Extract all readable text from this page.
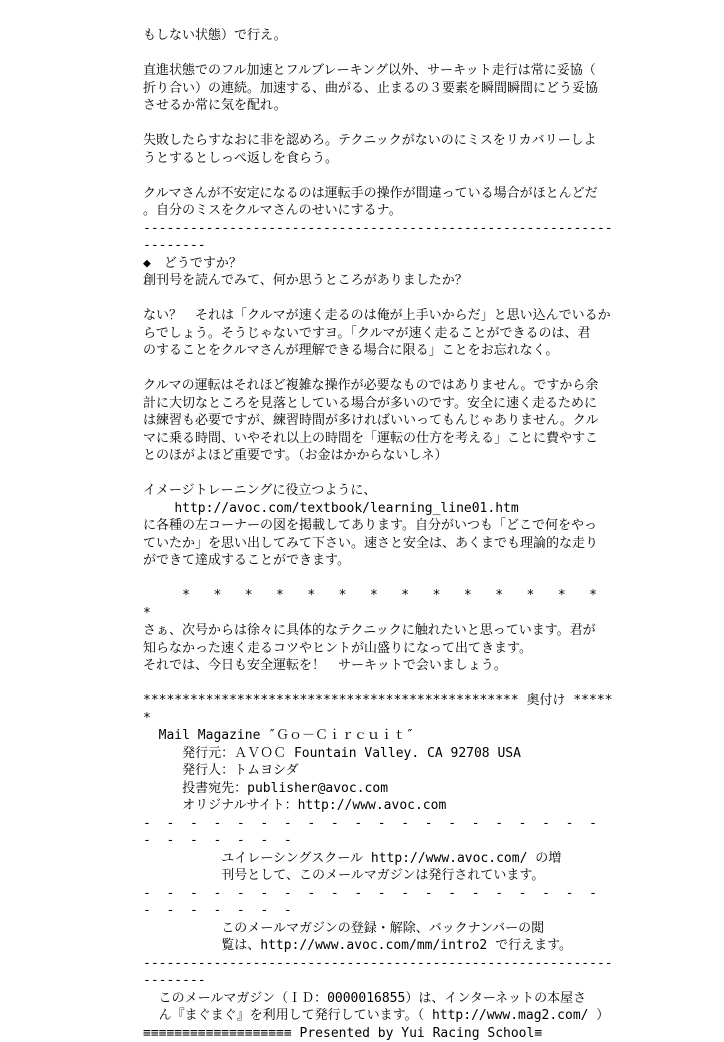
もしない状態）で行え。
直進状態でのフル加速とフルブレーキング以外、サーキット走行は常に妥協（
折り合い）の連続。加速する、曲がる、止まるの３要素を瞬間瞬間にどう妥協
させるか常に気を配れ。
失敗したらすなおに非を認めろ。テクニックがないのにミスをリカバリーしよ
うとするとしっぺ返しを食らう。
クルマさんが不安定になるのは運転手の操作が間違っている場合がほとんどだ
。自分のミスをクルマさんのせいにするナ。
--------------------------------------------------------------------
◆　どうですか？
創刊号を読んでみて、何か思うところがありましたか？
ない？　それは「クルマが速く走るのは俺が上手いからだ」と思い込んでいるか
らでしょう。そうじゃないですヨ。「クルマが速く走ることができるのは、君
のすることをクルマさんが理解できる場合に限る」ことをお忘れなく。
クルマの運転はそれほど複雑な操作が必要なものではありません。ですから余
計に大切なところを見落としている場合が多いのです。安全に速く走るために
は練習も必要ですが、練習時間が多ければいいってもんじゃありません。クル
マに乗る時間、いやそれ以上の時間を「運転の仕方を考える」ことに費やすこ
とのほがよほど重要です。（お金はかからないしネ）
イメージトレーニングに役立つように、
http://avoc.com/textbook/learning_line01.htm
に各種の左コーナーの図を掲載してあります。自分がいつも「どこで何をやっ
ていたか」を思い出してみて下さい。速さと安全は、あくまでも理論的な走り
ができて達成することができます。
*   *   *   *   *   *   *   *   *   *   *   *   *   *   *
さぁ、次号からは徐々に具体的なテクニックに触れたいと思っています。君が
知らなかった速く走るコツやヒントが山盛りになって出てきます。
それでは、今日も安全運転を！　サーキットで会いましょう。
************************************************ 奥付け ******
Mail Magazine ″Ｇｏ－Ｃｉｒｃｕｉｔ″
発行元：ＡＶＯＣ Fountain Valley. CA 92708 USA
発行人：トムヨシダ
投書宛先：publisher@avoc.com
オリジナルサイト：http://www.avoc.com
-  -  -  -  -  -  -  -  -  -  -  -  -  -  -  -  -  -  -  -  -  -  -  -  -  -  -
ユイレーシングスクール http://www.avoc.com/ の増
刊号として、このメールマガジンは発行されています。
-  -  -  -  -  -  -  -  -  -  -  -  -  -  -  -  -  -  -  -  -  -  -  -  -  -  -
このメールマガジンの登録・解除、バックナンバーの閲
覧は、http://www.avoc.com/mm/intro2 で行えます。
--------------------------------------------------------------------
このメールマガジン（ＩＤ：0000016855）は、インターネットの本屋さ
ん『まぐまぐ』を利用して発行しています。（ http://www.mag2.com/ ）
≡≡≡≡≡≡≡≡≡≡≡≡≡≡≡≡≡≡≡ Presented by Yui Racing School≡
